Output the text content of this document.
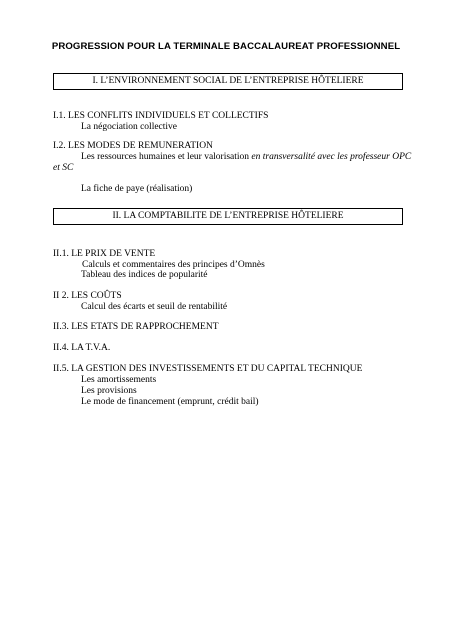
PROGRESSION POUR LA TERMINALE BACCALAUREAT PROFESSIONNEL
I. L’ENVIRONNEMENT SOCIAL DE L’ENTREPRISE HÔTELIERE
I.1. LES CONFLITS INDIVIDUELS ET COLLECTIFS
La négociation collective
I.2. LES MODES DE REMUNERATION
Les ressources humaines et leur valorisation en transversalité avec les professeur OPC
et SC
La fiche de paye (réalisation)
II. LA COMPTABILITE DE L’ENTREPRISE HÔTELIERE
II.1. LE PRIX DE VENTE
Calculs et commentaires des principes d’Omnès
Tableau des indices de popularité
II 2. LES COÛTS
Calcul des écarts et seuil de rentabilité
II.3. LES ETATS DE RAPPROCHEMENT
II.4. LA T.V.A.
II.5. LA GESTION DES INVESTISSEMENTS ET DU CAPITAL TECHNIQUE
Les amortissements
Les provisions
Le mode de financement (emprunt, crédit bail)
